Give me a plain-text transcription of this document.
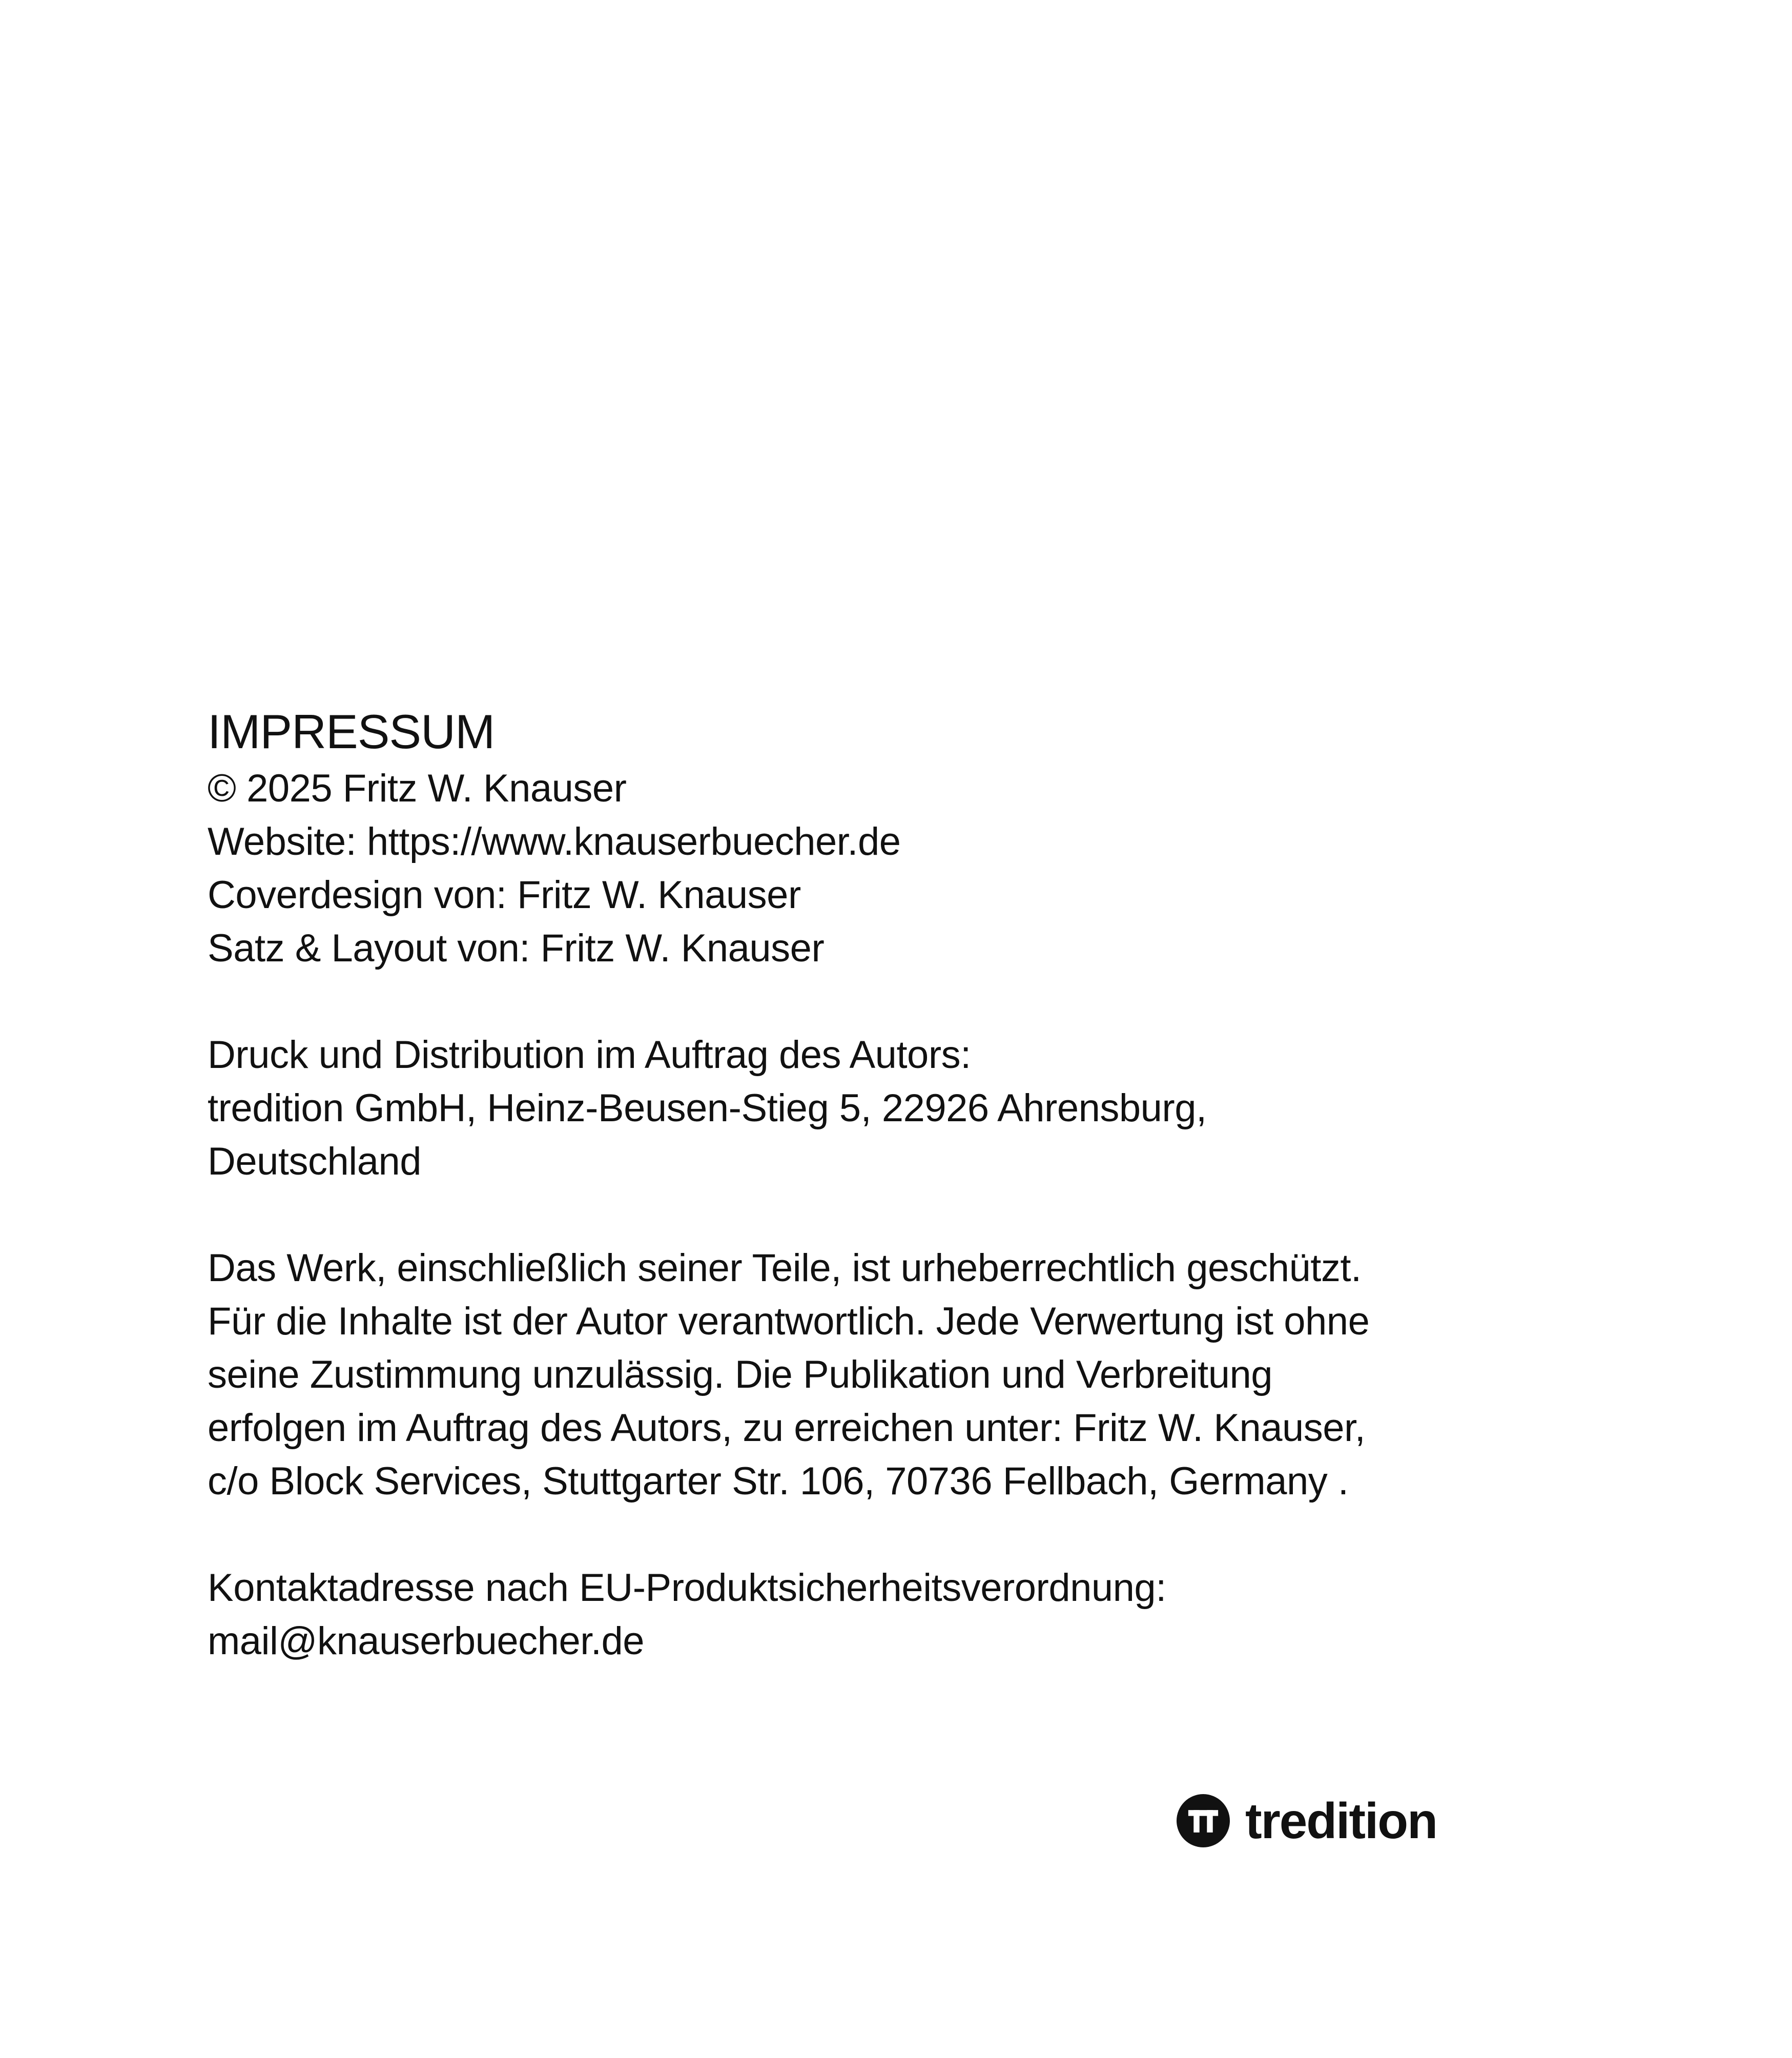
IMPRESSUM
© 2025 Fritz W. Knauser
Website: https://www.knauserbuecher.de
Coverdesign von: Fritz W. Knauser
Satz & Layout von: Fritz W. Knauser
Druck und Distribution im Auftrag des Autors:
tredition GmbH, Heinz-Beusen-Stieg 5, 22926 Ahrensburg,
Deutschland
Das Werk, einschließlich seiner Teile, ist urheberrechtlich geschützt.
Für die Inhalte ist der Autor verantwortlich. Jede Verwertung ist ohne
seine Zustimmung unzulässig. Die Publikation und Verbreitung
erfolgen im Auftrag des Autors, zu erreichen unter: Fritz W. Knauser,
c/o Block Services, Stuttgarter Str. 106, 70736 Fellbach, Germany .
Kontaktadresse nach EU-Produktsicherheitsverordnung:
mail@knauserbuecher.de
tredition
